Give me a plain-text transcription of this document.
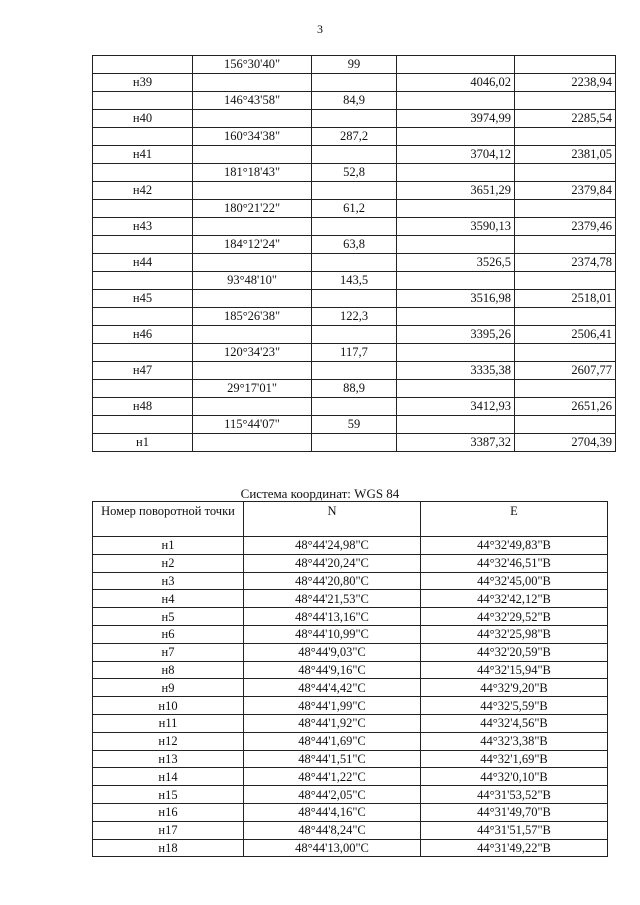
3
	156°30'40"	99		
н39			4046,02	2238,94
	146°43'58"	84,9		
н40			3974,99	2285,54
	160°34'38"	287,2		
н41			3704,12	2381,05
	181°18'43"	52,8		
н42			3651,29	2379,84
	180°21'22"	61,2		
н43			3590,13	2379,46
	184°12'24"	63,8		
н44			3526,5	2374,78
	93°48'10"	143,5		
н45			3516,98	2518,01
	185°26'38"	122,3		
н46			3395,26	2506,41
	120°34'23"	117,7		
н47			3335,38	2607,77
	29°17'01"	88,9		
н48			3412,93	2651,26
	115°44'07"	59		
н1			3387,32	2704,39
Система координат: WGS 84
Номер поворотной точки	N	E
н1	48°44'24,98"С	44°32'49,83"В
н2	48°44'20,24"С	44°32'46,51"В
н3	48°44'20,80"С	44°32'45,00"В
н4	48°44'21,53"С	44°32'42,12"В
н5	48°44'13,16"С	44°32'29,52"В
н6	48°44'10,99"С	44°32'25,98"В
н7	48°44'9,03"С	44°32'20,59"В
н8	48°44'9,16"С	44°32'15,94"В
н9	48°44'4,42"С	44°32'9,20"В
н10	48°44'1,99"С	44°32'5,59"В
н11	48°44'1,92"С	44°32'4,56"В
н12	48°44'1,69"С	44°32'3,38"В
н13	48°44'1,51"С	44°32'1,69"В
н14	48°44'1,22"С	44°32'0,10"В
н15	48°44'2,05"С	44°31'53,52"В
н16	48°44'4,16"С	44°31'49,70"В
н17	48°44'8,24"С	44°31'51,57"В
н18	48°44'13,00"С	44°31'49,22"В
